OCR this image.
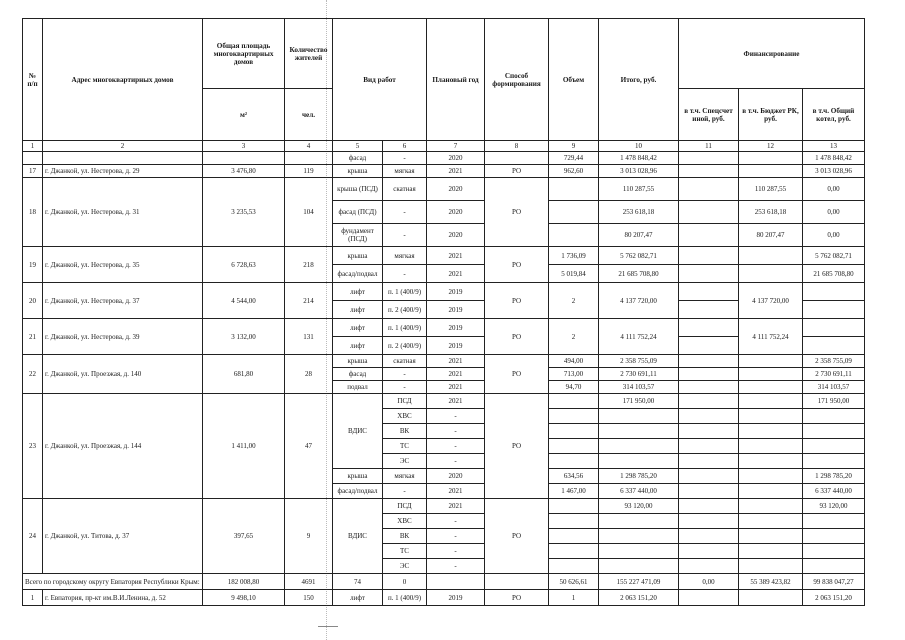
№ п/п	Адрес многоквартирных домов	Общая площадь многоквартирных домов	Количество жителей	Вид работ		Плановый год	Способ формирования	Объем	Итого, руб.	Финансирование		
		м²	чел.							в т.ч. Спецсчет иной, руб.	в т.ч. Бюджет РК, руб.	в т.ч. Общий котел, руб.
1	2	3	4	5	6	7	8	9	10	11	12	13
				фасад	-	2020		729,44	1 478 848,42			1 478 848,42
17	г. Джанкой, ул. Нестерова, д. 29	3 476,80	119	крыша	мягкая	2021	РО	962,60	3 013 028,96			3 013 028,96
18	г. Джанкой, ул. Нестерова, д. 31	3 235,53	104	крыша (ПСД)	скатная	2020	РО		110 287,55		110 287,55	0,00
				фасад (ПСД)	-	2020			253 618,18		253 618,18	0,00
				фундамент (ПСД)	-	2020			80 207,47		80 207,47	0,00
19	г. Джанкой, ул. Нестерова, д. 35	6 728,63	218	крыша	мягкая	2021	РО	1 736,09	5 762 082,71			5 762 082,71
				фасад/подвал	-	2021		5 019,84	21 685 708,80			21 685 708,80
20	г. Джанкой, ул. Нестерова, д. 37	4 544,00	214	лифт	п. 1 (400/9)	2019	РО	2	4 137 720,00		4 137 720,00	
				лифт	п. 2 (400/9)	2019						
21	г. Джанкой, ул. Нестерова, д. 39	3 132,00	131	лифт	п. 1 (400/9)	2019	РО	2	4 111 752,24		4 111 752,24	
				лифт	п. 2 (400/9)	2019						
22	г. Джанкой, ул. Проезжая, д. 140	681,80	28	крыша	скатная	2021	РО	494,00	2 358 755,09			2 358 755,09
				фасад	-	2021		713,00	2 730 691,11			2 730 691,11
				подвал	-	2021		94,70	314 103,57			314 103,57
23	г. Джанкой, ул. Проезжая, д. 144	1 411,00	47	ВДИС	ПСД	2021	РО		171 950,00			171 950,00
					ХВС	-						
					ВК	-						
					ТС	-						
					ЭС	-						
				крыша	мягкая	2020		634,56	1 298 785,20			1 298 785,20
				фасад/подвал	-	2021		1 467,00	6 337 440,00			6 337 440,00
24	г. Джанкой, ул. Титова, д. 37	397,65	9	ВДИС	ПСД	2021	РО		93 120,00			93 120,00
					ХВС	-						
					ВК	-						
					ТС	-						
					ЭС	-						
Всего по городскому округу Евпатория Республики Крым:		182 008,80	4691	74	0			50 626,61	155 227 471,09	0,00	55 389 423,82	99 838 047,27
1	г. Евпатория, пр-кт им.В.И.Ленина, д. 52	9 498,10	150	лифт	п. 1 (400/9)	2019	РО	1	2 063 151,20			2 063 151,20
